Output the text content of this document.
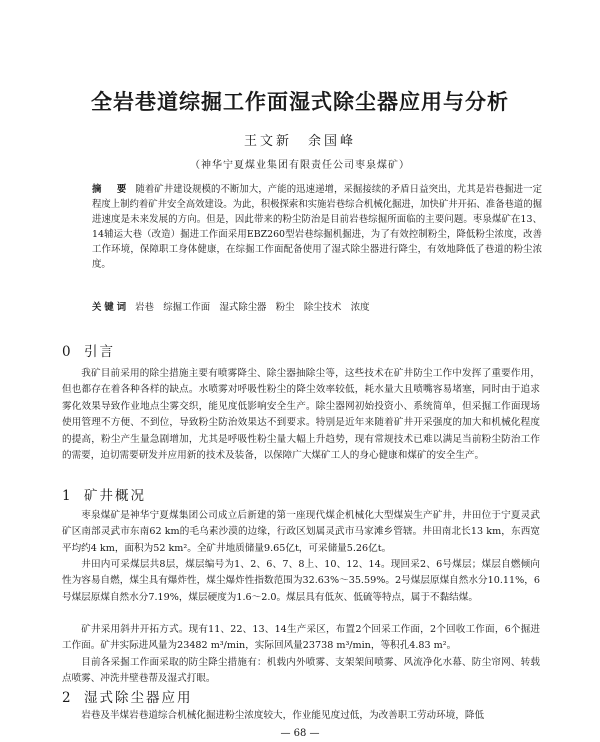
全岩巷道综掘工作面湿式除尘器应用与分析
王文新　余国峰
（神华宁夏煤业集团有限责任公司枣泉煤矿）
摘　要 随着矿井建设规模的不断加大，产能的迅速递增，采掘接续的矛盾日益突出，尤其是岩巷掘进一定程度上制约着矿井安全高效建设。为此，积极探索和实施岩巷综合机械化掘进，加快矿井开拓、准备巷道的掘进速度是未来发展的方向。但是，因此带来的粉尘防治是目前岩巷综掘所面临的主要问题。枣泉煤矿在13、14辅运大巷（改造）掘进工作面采用EBZ260型岩巷综掘机掘进，为了有效控制粉尘，降低粉尘浓度，改善工作环境，保障职工身体健康，在综掘工作面配备使用了湿式除尘器进行降尘，有效地降低了巷道的粉尘浓度。
关键词 岩巷　综掘工作面　湿式除尘器　粉尘　除尘技术　浓度
0 引言
我矿目前采用的除尘措施主要有喷雾降尘、除尘器抽除尘等，这些技术在矿井防尘工作中发挥了重要作用，但也都存在着各种各样的缺点。水喷雾对呼吸性粉尘的降尘效率较低，耗水量大且喷嘴容易堵塞，同时由于追求雾化效果导致作业地点尘雾交织，能见度低影响安全生产。除尘器网初始投资小、系统简单，但采掘工作面现场使用管理不方便、不到位，导致粉尘防治效果达不到要求。特别是近年来随着矿井开采强度的加大和机械化程度的提高，粉尘产生量急剧增加，尤其是呼吸性粉尘量大幅上升趋势，现有常规技术已难以满足当前粉尘防治工作的需要，迫切需要研发并应用新的技术及装备，以保障广大煤矿工人的身心健康和煤矿的安全生产。
1 矿井概况
枣泉煤矿是神华宁夏煤集团公司成立后新建的第一座现代煤企机械化大型煤炭生产矿井，井田位于宁夏灵武矿区南部灵武市东南62 km的毛乌素沙漠的边缘，行政区划属灵武市马家滩乡管辖。井田南北长13 km，东西宽平均约4 km，面积为52 km²。全矿井地质储量9.65亿t，可采储量5.26亿t。
井田内可采煤层共8层，煤层编号为1、2、6、7、8上、10、12、14。现回采2、6号煤层；煤层自燃倾向性为容易自燃，煤尘具有爆炸性，煤尘爆炸性指数范围为32.63%～35.59%。2号煤层原煤自然水分10.11%，6号煤层原煤自然水分7.19%，煤层硬度为1.6～2.0。煤层具有低灰、低硫等特点，属于不黏结煤。
矿井采用斜井开拓方式。现有11、22、13、14生产采区，布置2个回采工作面，2个回收工作面，6个掘进工作面。矿井实际进风量为23482 m³/min，实际回风量23738 m³/min，等积孔4.83 m²。
目前各采掘工作面采取的防尘降尘措施有：机载内外喷雾、支架架间喷雾、风流净化水幕、防尘帘网、转载点喷雾、冲洗井壁巷帮及湿式打眼。
2 湿式除尘器应用
岩巷及半煤岩巷道综合机械化掘进粉尘浓度较大，作业能见度过低，为改善职工劳动环境，降低
— 68 —
